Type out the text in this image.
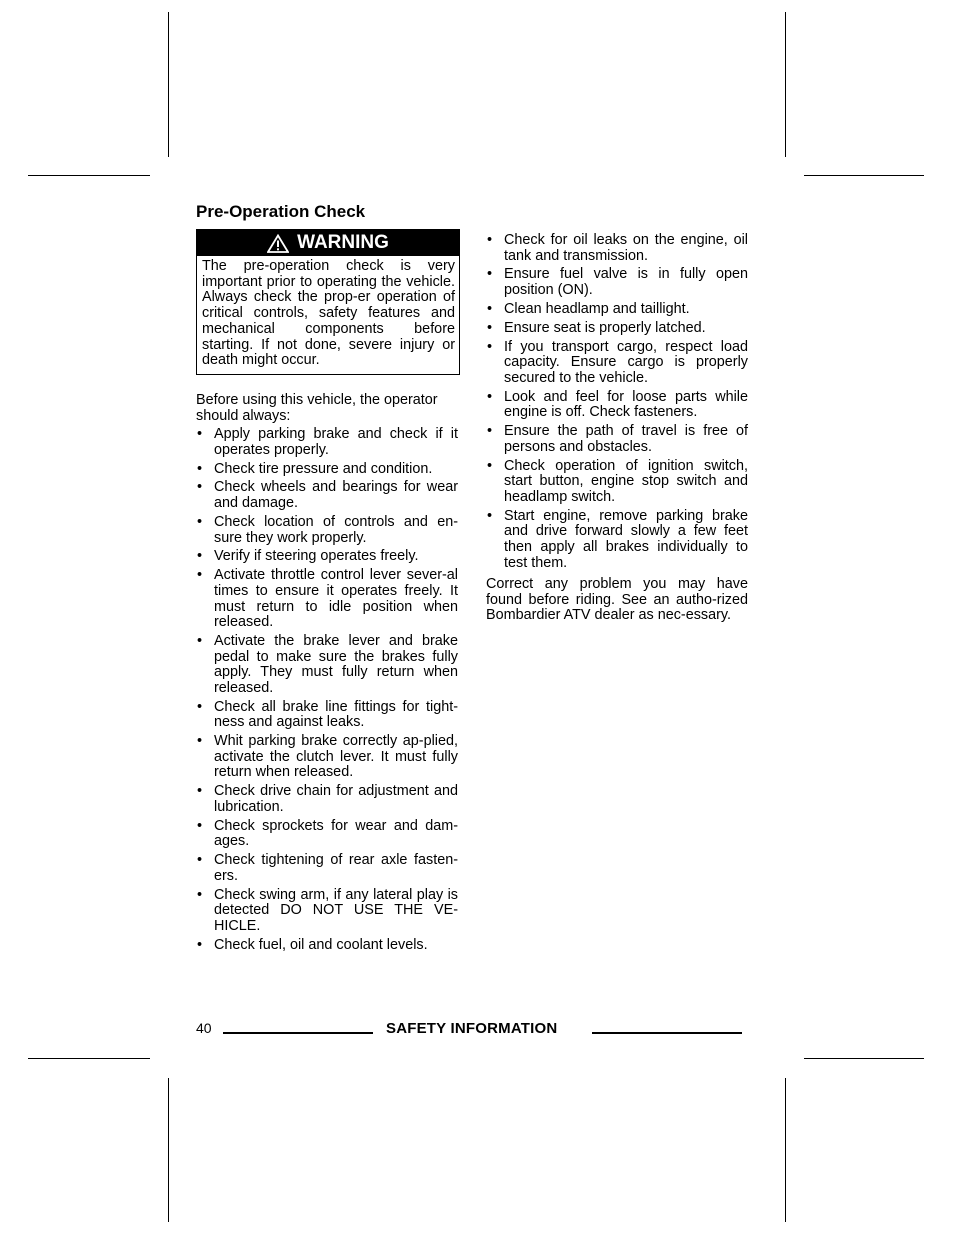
Pre-Operation Check
WARNING
The pre-operation check is very important prior to operating the vehicle. Always check the prop-er operation of critical controls, safety features and mechanical components before starting. If not done, severe injury or death might occur.
Before using this vehicle, the operator should always:
• Apply parking brake and check if it operates properly.
• Check tire pressure and condition.
• Check wheels and bearings for wear and damage.
• Check location of controls and en-sure they work properly.
• Verify if steering operates freely.
• Activate throttle control lever sever-al times to ensure it operates freely. It must return to idle position when released.
• Activate the brake lever and brake pedal to make sure the brakes fully apply. They must fully return when released.
• Check all brake line fittings for tight-ness and against leaks.
• Whit parking brake correctly ap-plied, activate the clutch lever. It must fully return when released.
• Check drive chain for adjustment and lubrication.
• Check sprockets for wear and dam-ages.
• Check tightening of rear axle fasten-ers.
• Check swing arm, if any lateral play is detected DO NOT USE THE VE-HICLE.
• Check fuel, oil and coolant levels.
• Check for oil leaks on the engine, oil tank and transmission.
• Ensure fuel valve is in fully open position (ON).
• Clean headlamp and taillight.
• Ensure seat is properly latched.
• If you transport cargo, respect load capacity. Ensure cargo is properly secured to the vehicle.
• Look and feel for loose parts while engine is off. Check fasteners.
• Ensure the path of travel is free of persons and obstacles.
• Check operation of ignition switch, start button, engine stop switch and headlamp switch.
• Start engine, remove parking brake and drive forward slowly a few feet then apply all brakes individually to test them.
Correct any problem you may have found before riding. See an autho-rized Bombardier ATV dealer as nec-essary.
40	SAFETY INFORMATION
